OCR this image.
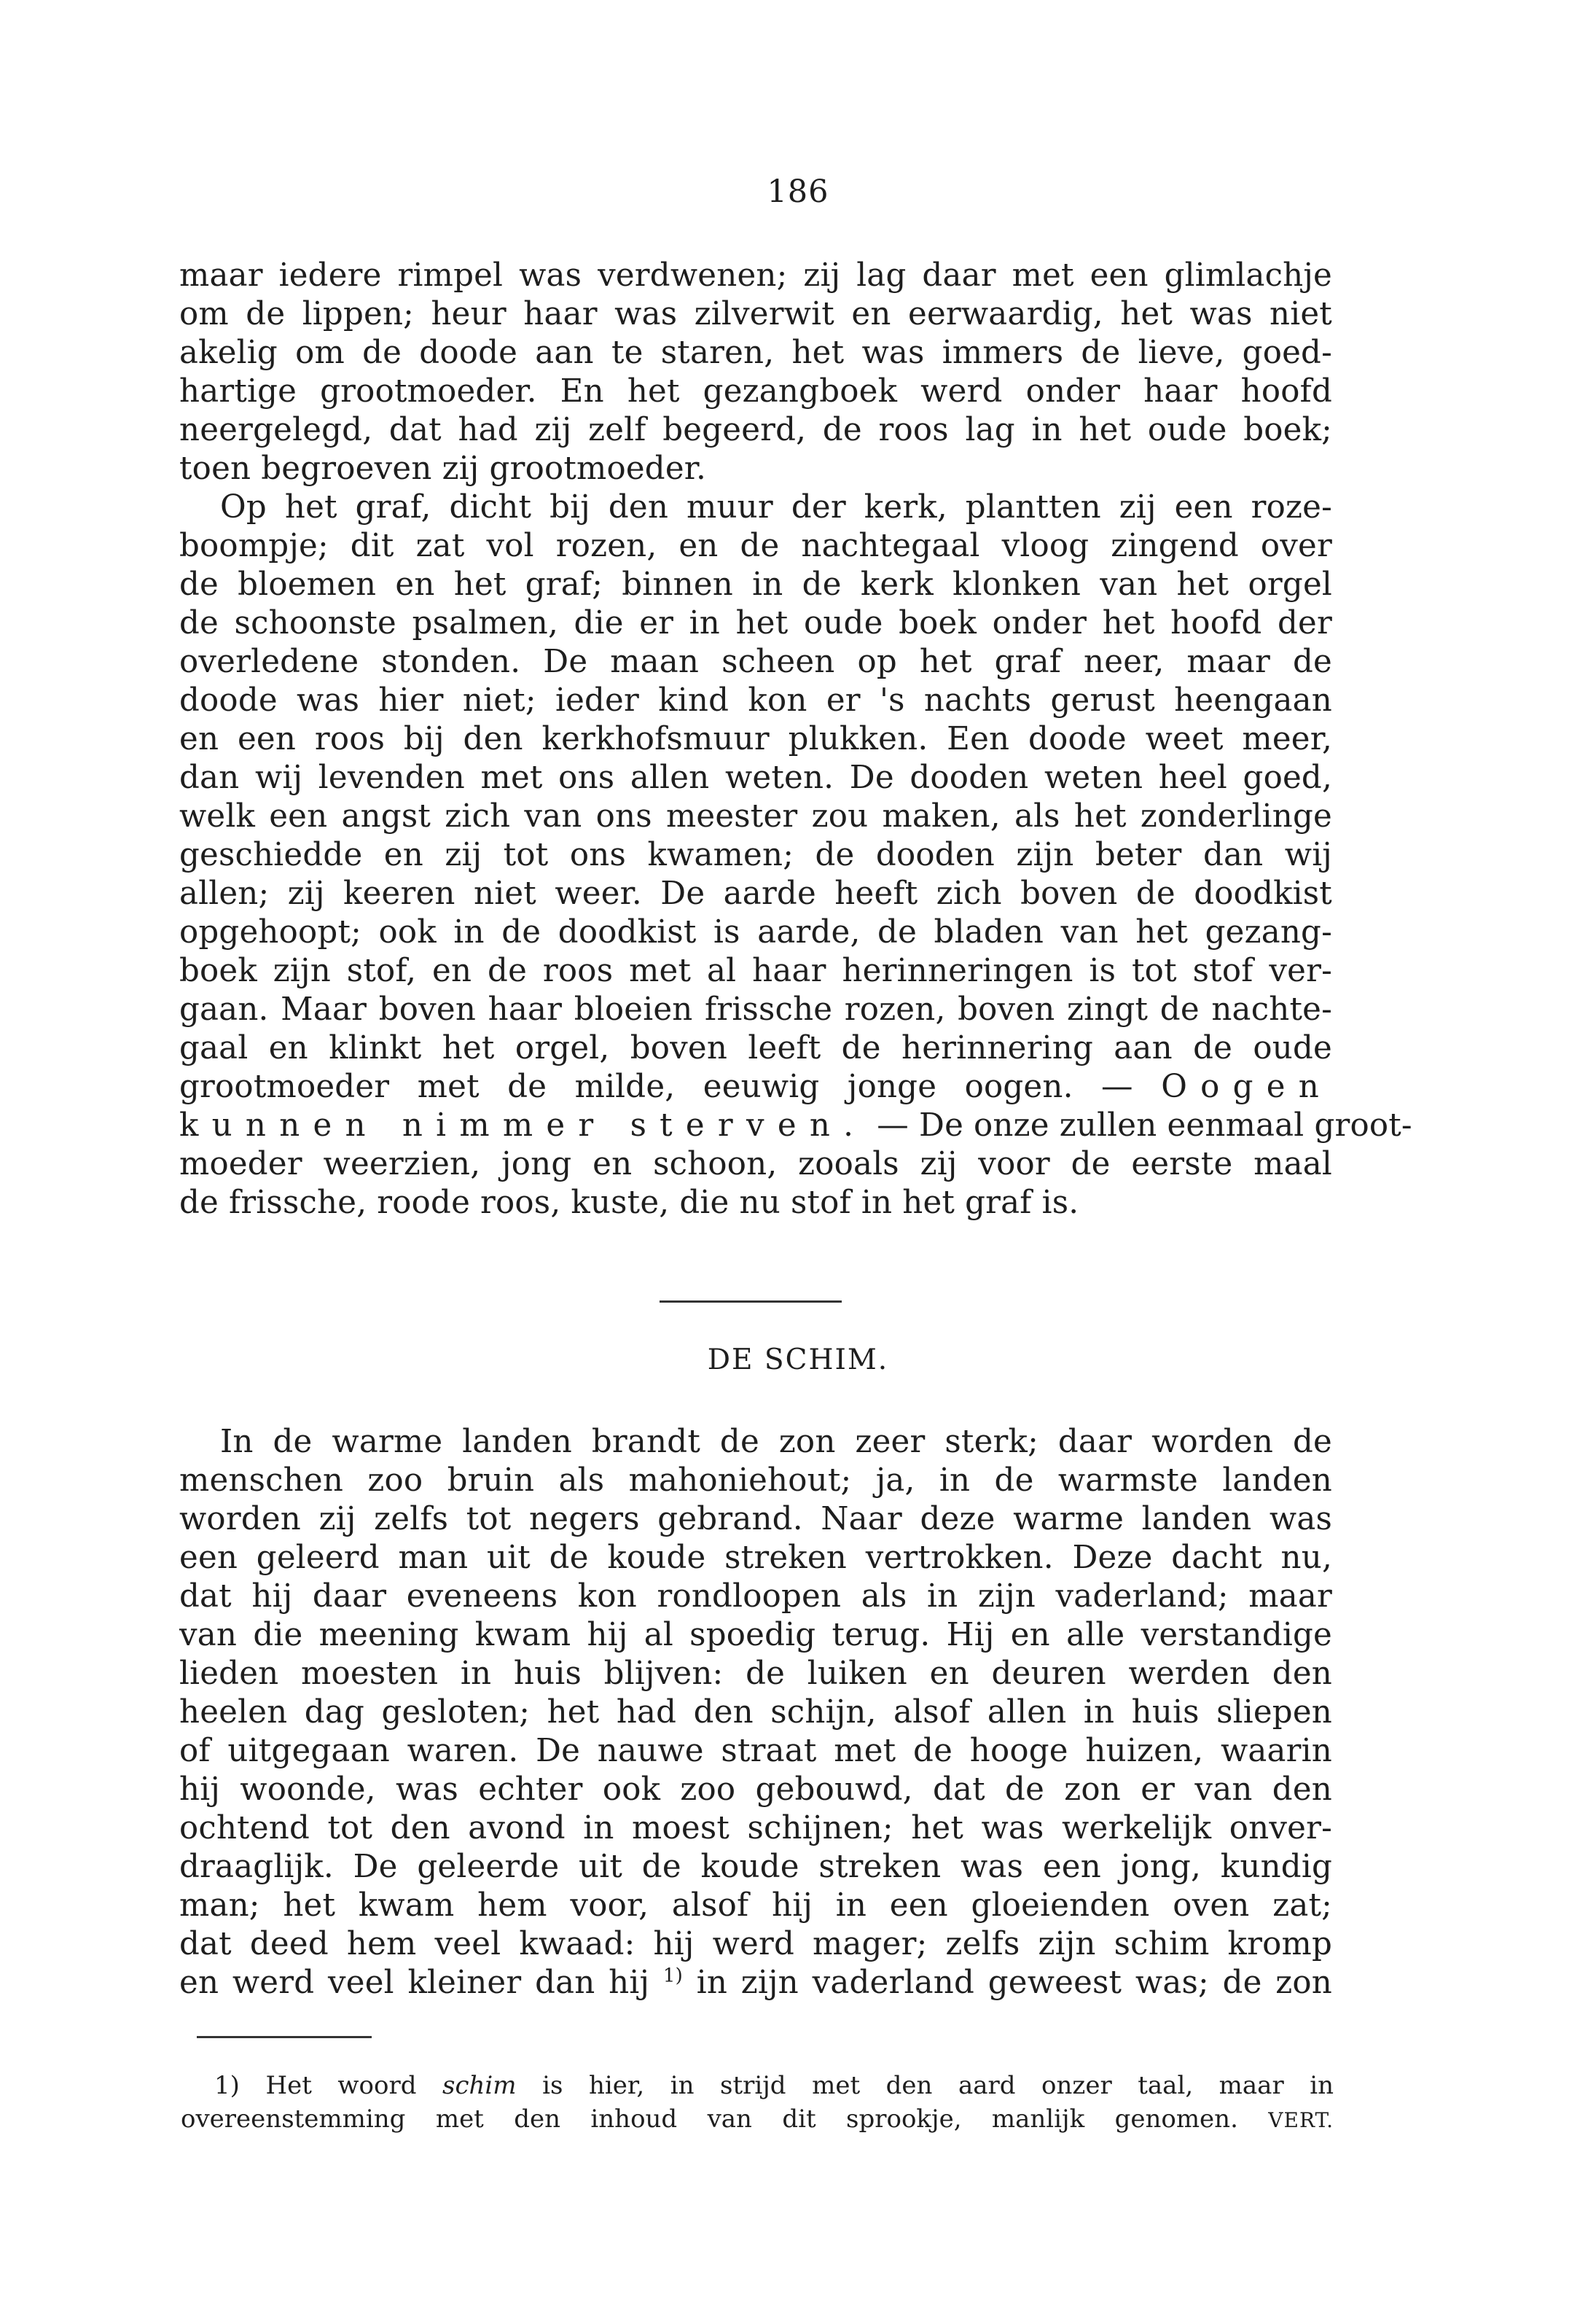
186
maar iedere rimpel was verdwenen; zij lag daar met een glimlachje
om de lippen; heur haar was zilverwit en eerwaardig, het was niet
akelig om de doode aan te staren, het was immers de lieve, goed-
hartige grootmoeder. En het gezangboek werd onder haar hoofd
neergelegd, dat had zij zelf begeerd, de roos lag in het oude boek;
toen begroeven zij grootmoeder.
Op het graf, dicht bij den muur der kerk, plantten zij een roze-
boompje; dit zat vol rozen, en de nachtegaal vloog zingend over
de bloemen en het graf; binnen in de kerk klonken van het orgel
de schoonste psalmen, die er in het oude boek onder het hoofd der
overledene stonden. De maan scheen op het graf neer, maar de
doode was hier niet; ieder kind kon er 's nachts gerust heengaan
en een roos bij den kerkhofsmuur plukken. Een doode weet meer,
dan wij levenden met ons allen weten. De dooden weten heel goed,
welk een angst zich van ons meester zou maken, als het zonderlinge
geschiedde en zij tot ons kwamen; de dooden zijn beter dan wij
allen; zij keeren niet weer. De aarde heeft zich boven de doodkist
opgehoopt; ook in de doodkist is aarde, de bladen van het gezang-
boek zijn stof, en de roos met al haar herinneringen is tot stof ver-
gaan. Maar boven haar bloeien frissche rozen, boven zingt de nachte-
gaal en klinkt het orgel, boven leeft de herinnering aan de oude
grootmoeder met de milde, eeuwig jonge oogen. — Oogen
kunnen nimmer sterven. — De onze zullen eenmaal groot-
moeder weerzien, jong en schoon, zooals zij voor de eerste maal
de frissche, roode roos, kuste, die nu stof in het graf is.
DE SCHIM.
In de warme landen brandt de zon zeer sterk; daar worden de
menschen zoo bruin als mahoniehout; ja, in de warmste landen
worden zij zelfs tot negers gebrand. Naar deze warme landen was
een geleerd man uit de koude streken vertrokken. Deze dacht nu,
dat hij daar eveneens kon rondloopen als in zijn vaderland; maar
van die meening kwam hij al spoedig terug. Hij en alle verstandige
lieden moesten in huis blijven: de luiken en deuren werden den
heelen dag gesloten; het had den schijn, alsof allen in huis sliepen
of uitgegaan waren. De nauwe straat met de hooge huizen, waarin
hij woonde, was echter ook zoo gebouwd, dat de zon er van den
ochtend tot den avond in moest schijnen; het was werkelijk onver-
draaglijk. De geleerde uit de koude streken was een jong, kundig
man; het kwam hem voor, alsof hij in een gloeienden oven zat;
dat deed hem veel kwaad: hij werd mager; zelfs zijn schim kromp
en werd veel kleiner dan hij $^{1)}$ in zijn vaderland geweest was; de zon
1) Het woord schim is hier, in strijd met den aard onzer taal, maar in
overeenstemming met den inhoud van dit sprookje, manlijk genomen. VERT.
